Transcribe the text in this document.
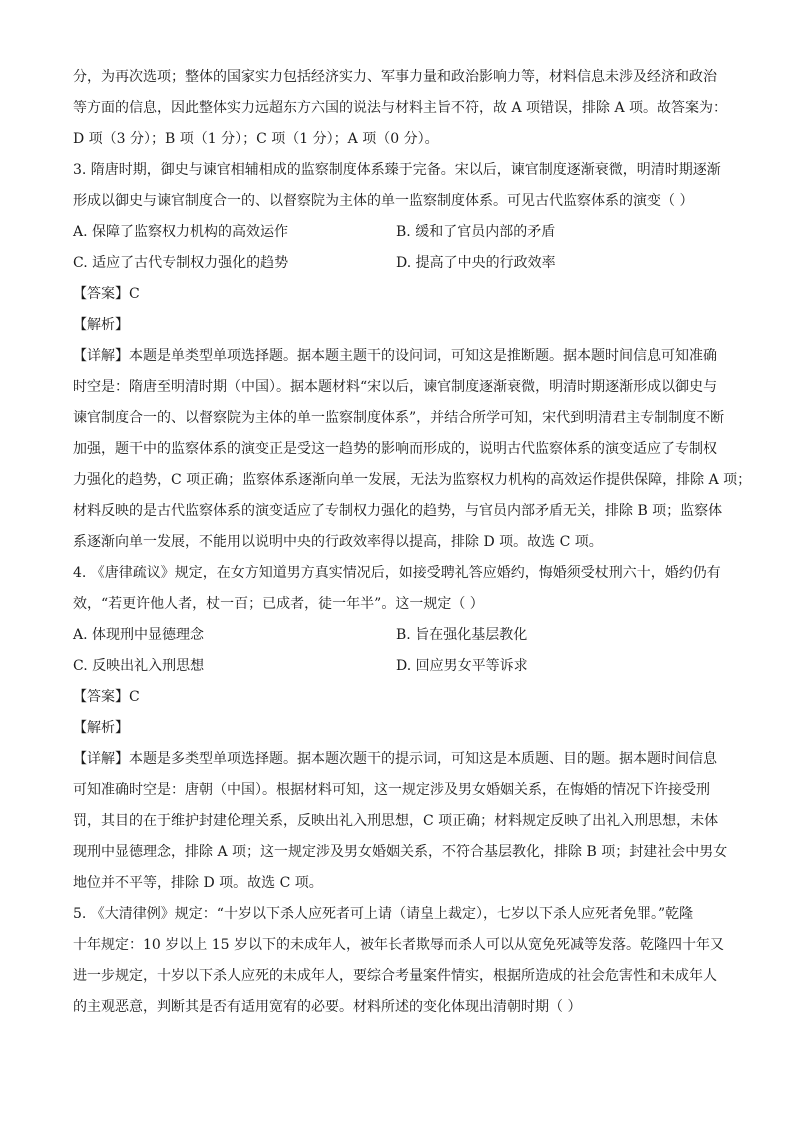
分，为再次选项；整体的国家实力包括经济实力、军事力量和政治影响力等，材料信息未涉及经济和政治
等方面的信息，因此整体实力远超东方六国的说法与材料主旨不符，故 A 项错误，排除 A 项。故答案为：
D 项（3 分）；B 项（1 分）；C 项（1 分）；A 项（0 分）。
3. 隋唐时期，御史与谏官相辅相成的监察制度体系臻于完备。宋以后，谏官制度逐渐衰微，明清时期逐渐
形成以御史与谏官制度合一的、以督察院为主体的单一监察制度体系。可见古代监察体系的演变（ ）
A. 保障了监察权力机构的高效运作	B. 缓和了官员内部的矛盾
C. 适应了古代专制权力强化的趋势	D. 提高了中央的行政效率
【答案】C
【解析】
【详解】本题是单类型单项选择题。据本题主题干的设问词，可知这是推断题。据本题时间信息可知准确
时空是：隋唐至明清时期（中国）。据本题材料“宋以后，谏官制度逐渐衰微，明清时期逐渐形成以御史与
谏官制度合一的、以督察院为主体的单一监察制度体系”，并结合所学可知，宋代到明清君主专制制度不断
加强，题干中的监察体系的演变正是受这一趋势的影响而形成的，说明古代监察体系的演变适应了专制权
力强化的趋势，C 项正确；监察体系逐渐向单一发展，无法为监察权力机构的高效运作提供保障，排除 A 项；
材料反映的是古代监察体系的演变适应了专制权力强化的趋势，与官员内部矛盾无关，排除 B 项；监察体
系逐渐向单一发展，不能用以说明中央的行政效率得以提高，排除 D 项。故选 C 项。
4. 《唐律疏议》规定，在女方知道男方真实情况后，如接受聘礼答应婚约，悔婚须受杖刑六十，婚约仍有
效，“若更许他人者，杖一百；已成者，徒一年半”。这一规定（ ）
A. 体现刑中显德理念	B. 旨在强化基层教化
C. 反映出礼入刑思想	D. 回应男女平等诉求
【答案】C
【解析】
【详解】本题是多类型单项选择题。据本题次题干的提示词，可知这是本质题、目的题。据本题时间信息
可知准确时空是：唐朝（中国）。根据材料可知，这一规定涉及男女婚姻关系，在悔婚的情况下许接受刑
罚，其目的在于维护封建伦理关系，反映出礼入刑思想，C 项正确；材料规定反映了出礼入刑思想，未体
现刑中显德理念，排除 A 项；这一规定涉及男女婚姻关系，不符合基层教化，排除 B 项；封建社会中男女
地位并不平等，排除 D 项。故选 C 项。
5. 《大清律例》规定：“十岁以下杀人应死者可上请（请皇上裁定），七岁以下杀人应死者免罪。”乾隆
十年规定：10 岁以上 15 岁以下的未成年人，被年长者欺辱而杀人可以从宽免死减等发落。乾隆四十年又
进一步规定，十岁以下杀人应死的未成年人，要综合考量案件情实，根据所造成的社会危害性和未成年人
的主观恶意，判断其是否有适用宽宥的必要。材料所述的变化体现出清朝时期（ ）
